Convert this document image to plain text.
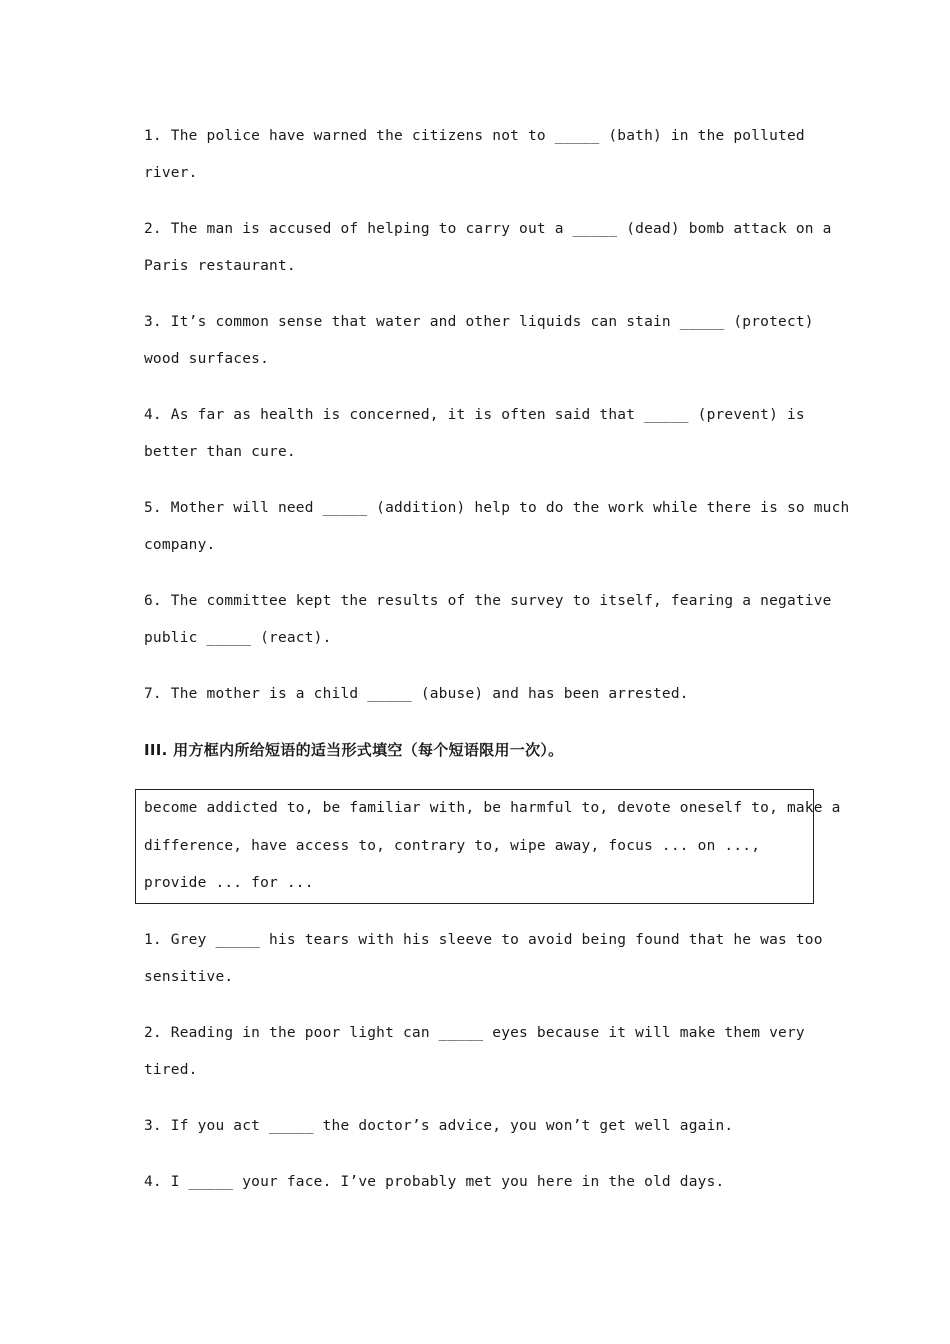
1. The police have warned the citizens not to _____ (bath) in the polluted
river.
2. The man is accused of helping to carry out a _____ (dead) bomb attack on a
Paris restaurant.
3. It’s common sense that water and other liquids can stain _____ (protect)
wood surfaces.
4. As far as health is concerned, it is often said that _____ (prevent) is
better than cure.
5. Mother will need _____ (addition) help to do the work while there is so much
company.
6. The committee kept the results of the survey to itself, fearing a negative
public _____ (react).
7. The mother is a child _____ (abuse) and has been arrested.
III. 用方框内所给短语的适当形式填空（每个短语限用一次）。
become addicted to, be familiar with, be harmful to, devote oneself to, make a
difference, have access to, contrary to, wipe away, focus ... on ...,
provide ... for ...
1. Grey _____ his tears with his sleeve to avoid being found that he was too
sensitive.
2. Reading in the poor light can _____ eyes because it will make them very
tired.
3. If you act _____ the doctor’s advice, you won’t get well again.
4. I _____ your face. I’ve probably met you here in the old days.
